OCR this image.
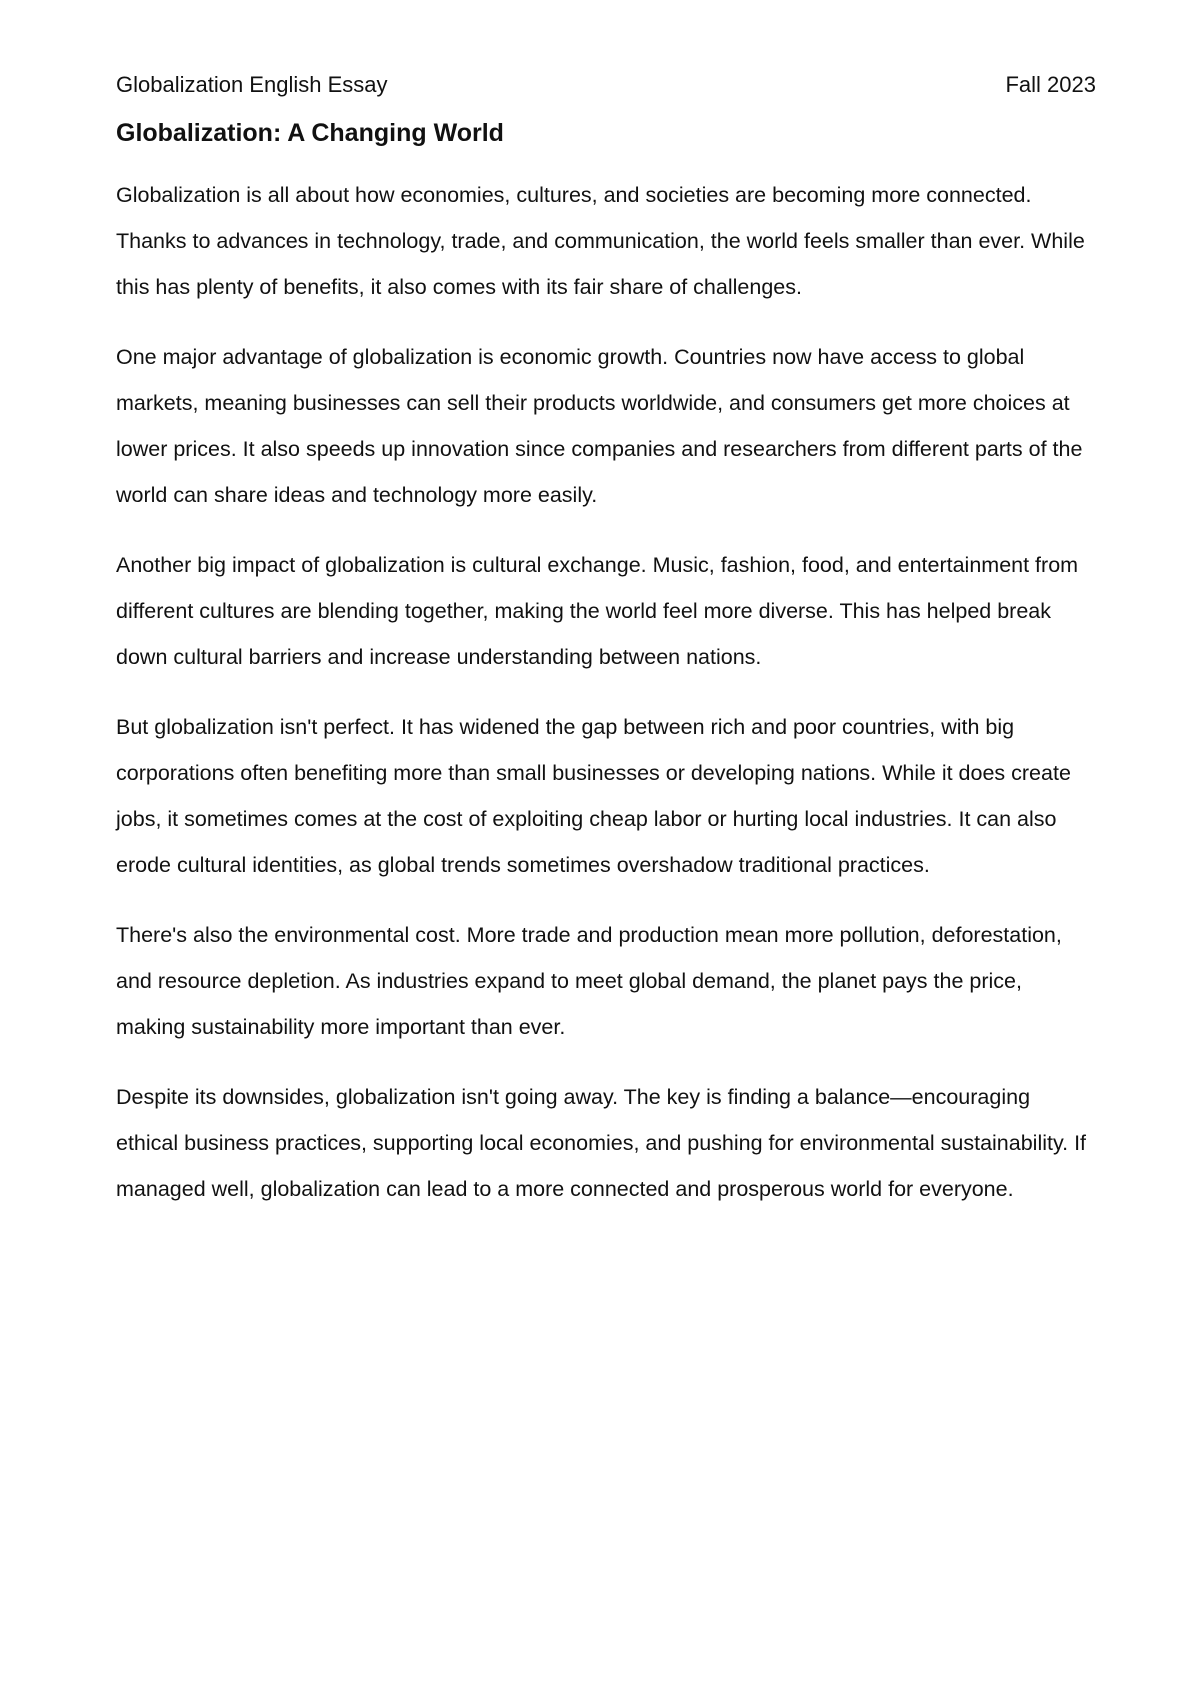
Globalization English Essay	Fall 2023
Globalization: A Changing World

Globalization is all about how economies, cultures, and societies are becoming more connected. Thanks to advances in technology, trade, and communication, the world feels smaller than ever. While this has plenty of benefits, it also comes with its fair share of challenges.

One major advantage of globalization is economic growth. Countries now have access to global markets, meaning businesses can sell their products worldwide, and consumers get more choices at lower prices. It also speeds up innovation since companies and researchers from different parts of the world can share ideas and technology more easily.

Another big impact of globalization is cultural exchange. Music, fashion, food, and entertainment from different cultures are blending together, making the world feel more diverse. This has helped break down cultural barriers and increase understanding between nations.

But globalization isn't perfect. It has widened the gap between rich and poor countries, with big corporations often benefiting more than small businesses or developing nations. While it does create jobs, it sometimes comes at the cost of exploiting cheap labor or hurting local industries. It can also erode cultural identities, as global trends sometimes overshadow traditional practices.

There's also the environmental cost. More trade and production mean more pollution, deforestation, and resource depletion. As industries expand to meet global demand, the planet pays the price, making sustainability more important than ever.

Despite its downsides, globalization isn't going away. The key is finding a balance—encouraging ethical business practices, supporting local economies, and pushing for environmental sustainability. If managed well, globalization can lead to a more connected and prosperous world for everyone.
